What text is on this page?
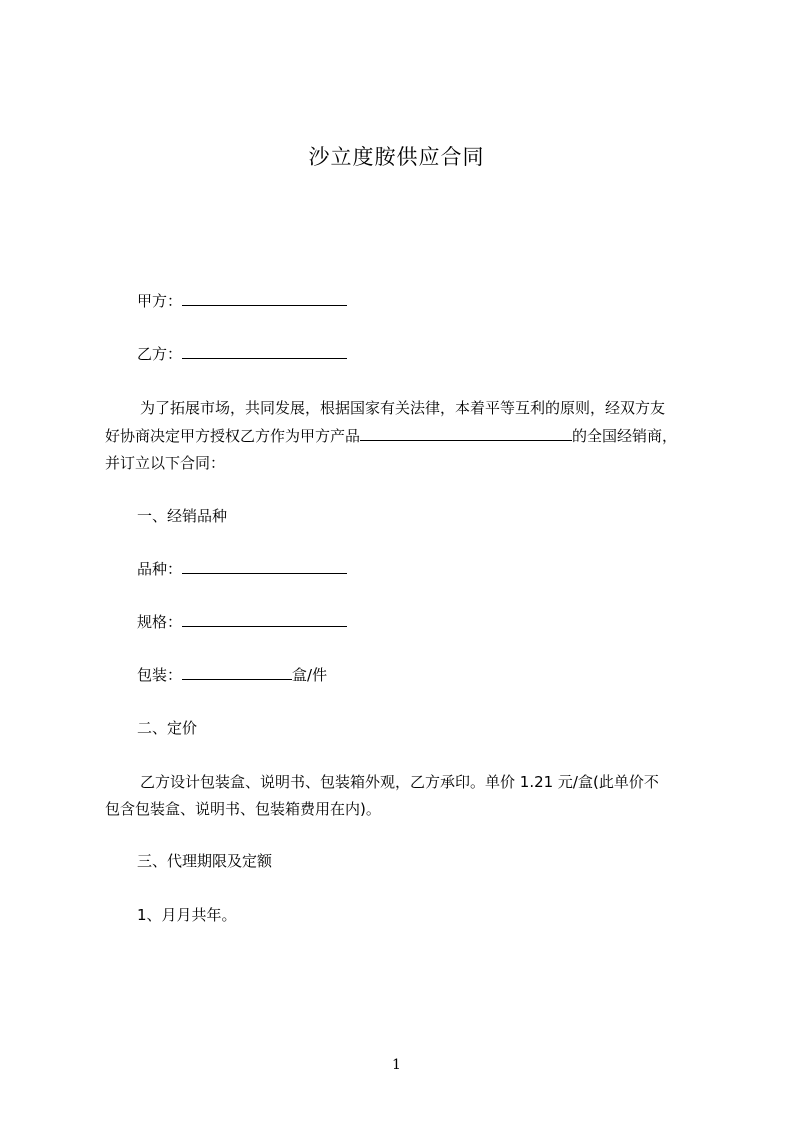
沙立度胺供应合同
甲方：
乙方：
为了拓展市场，共同发展，根据国家有关法律，本着平等互利的原则，经双方友
好协商决定甲方授权乙方作为甲方产品	的全国经销商，
并订立以下合同：
一、经销品种
品种：
规格：
包装：	盒/件
二、定价
乙方设计包装盒、说明书、包装箱外观，乙方承印。单价 1.21 元/盒(此单价不
包含包装盒、说明书、包装箱费用在内)。
三、代理期限及定额
1、月月共年。
1
